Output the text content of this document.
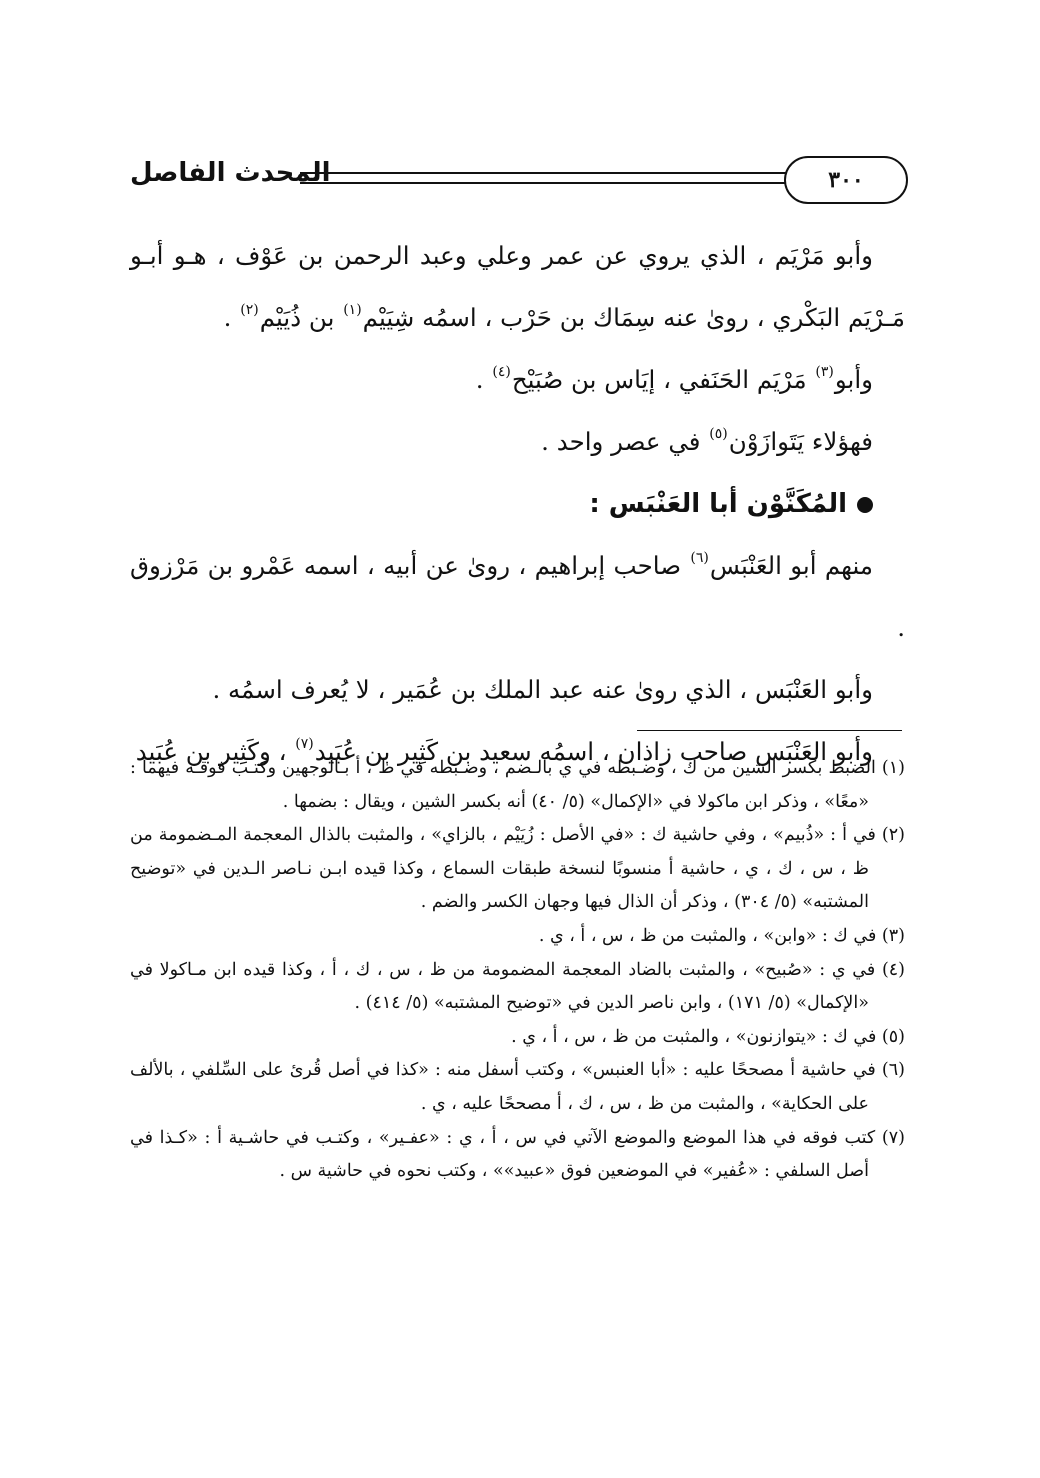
٣٠٠
المحدث الفاصل

وأبو مَرْيَم ، الذي يروي عن عمر وعلي وعبد الرحمن بن عَوْف ، هـو أبـو مَـرْيَم البَكْري ، روىٰ عنه سِمَاك بن حَرْب ، اسمُه شِيَيْم$^{(١)}$ بن ذُيَيْم$^{(٢)}$ .

وأبو$^{(٣)}$ مَرْيَم الحَنَفي ، إيَاس بن صُبَيْح$^{(٤)}$ .

فهؤلاء يَتَوازَوْن$^{(٥)}$ في عصر واحد .

المُكَنَّوْن أبا العَنْبَس :

منهم أبو العَنْبَس$^{(٦)}$ صاحب إبراهيم ، روىٰ عن أبيه ، اسمه عَمْرو بن مَرْزوق .

وأبو العَنْبَس ، الذي روىٰ عنه عبد الملك بن عُمَير ، لا يُعرف اسمُه .

وأبو العَنْبَس صاحب زاذان ، اسمُه سعيد بن كَثِير بن عُبَيد$^{(٧)}$ ، وكَثِير بن عُبَيد

(١) الضبط بكسر الشين من ك ، وضـبطه في ي بالـضم ، وضـبطه في ظ ، أ بـالوجهين وكتـب فوقـه فيهما : «معًا» ، وذكر ابن ماكولا في «الإكمال» (٥/ ٤٠) أنه بكسر الشين ، ويقال : بضمها .

(٢) في أ : «ذُبيم» ، وفي حاشية ك : «في الأصل : زُيَيْم ، بالزاي» ، والمثبت بالذال المعجمة المـضمومة من ظ ، س ، ك ، ي ، حاشية أ منسوبًا لنسخة طبقات السماع ، وكذا قيده ابـن نـاصر الـدين في «توضيح المشتبه» (٥/ ٣٠٤) ، وذكر أن الذال فيها وجهان الكسر والضم .

(٣) في ك : «وابن» ، والمثبت من ظ ، س ، أ ، ي .

(٤) في ي : «صُبيح» ، والمثبت بالضاد المعجمة المضمومة من ظ ، س ، ك ، أ ، وكذا قيده ابن مـاكولا في «الإكمال» (٥/ ١٧١) ، وابن ناصر الدين في «توضيح المشتبه» (٥/ ٤١٤) .

(٥) في ك : «يتوازنون» ، والمثبت من ظ ، س ، أ ، ي .

(٦) في حاشية أ مصححًا عليه : «أبا العنبس» ، وكتب أسفل منه : «كذا في أصل قُرئ على السِّلفي ، بالألف على الحكاية» ، والمثبت من ظ ، س ، ك ، أ مصححًا عليه ، ي .

(٧) كتب فوقه في هذا الموضع والموضع الآتي في س ، أ ، ي : «عفـير» ، وكتـب في حاشـية أ : «كـذا في أصل السلفي : «عُفير» في الموضعين فوق «عبيد»» ، وكتب نحوه في حاشية س .
